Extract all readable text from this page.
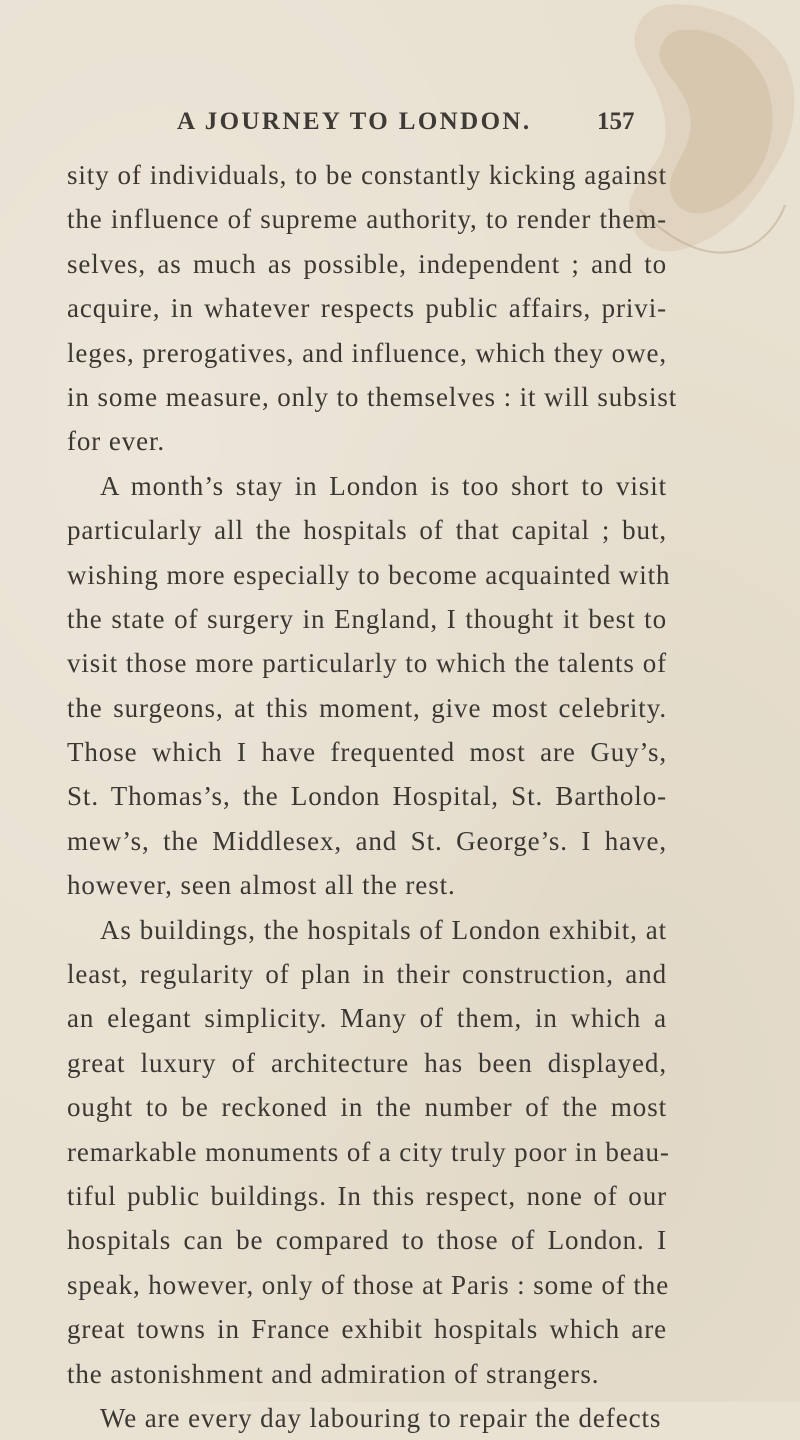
A JOURNEY TO LONDON.	157
sity of individuals, to be constantly kicking against
the influence of supreme authority, to render them-
selves, as much as possible, independent ; and to
acquire, in whatever respects public affairs, privi-
leges, prerogatives, and influence, which they owe,
in some measure, only to themselves : it will subsist
for ever.
A month’s stay in London is too short to visit
particularly all the hospitals of that capital ; but,
wishing more especially to become acquainted with
the state of surgery in England, I thought it best to
visit those more particularly to which the talents of
the surgeons, at this moment, give most celebrity.
Those which I have frequented most are Guy’s,
St. Thomas’s, the London Hospital, St. Bartholo-
mew’s, the Middlesex, and St. George’s. I have,
however, seen almost all the rest.
As buildings, the hospitals of London exhibit, at
least, regularity of plan in their construction, and
an elegant simplicity. Many of them, in which a
great luxury of architecture has been displayed,
ought to be reckoned in the number of the most
remarkable monuments of a city truly poor in beau-
tiful public buildings. In this respect, none of our
hospitals can be compared to those of London. I
speak, however, only of those at Paris : some of the
great towns in France exhibit hospitals which are
the astonishment and admiration of strangers.
We are every day labouring to repair the defects
